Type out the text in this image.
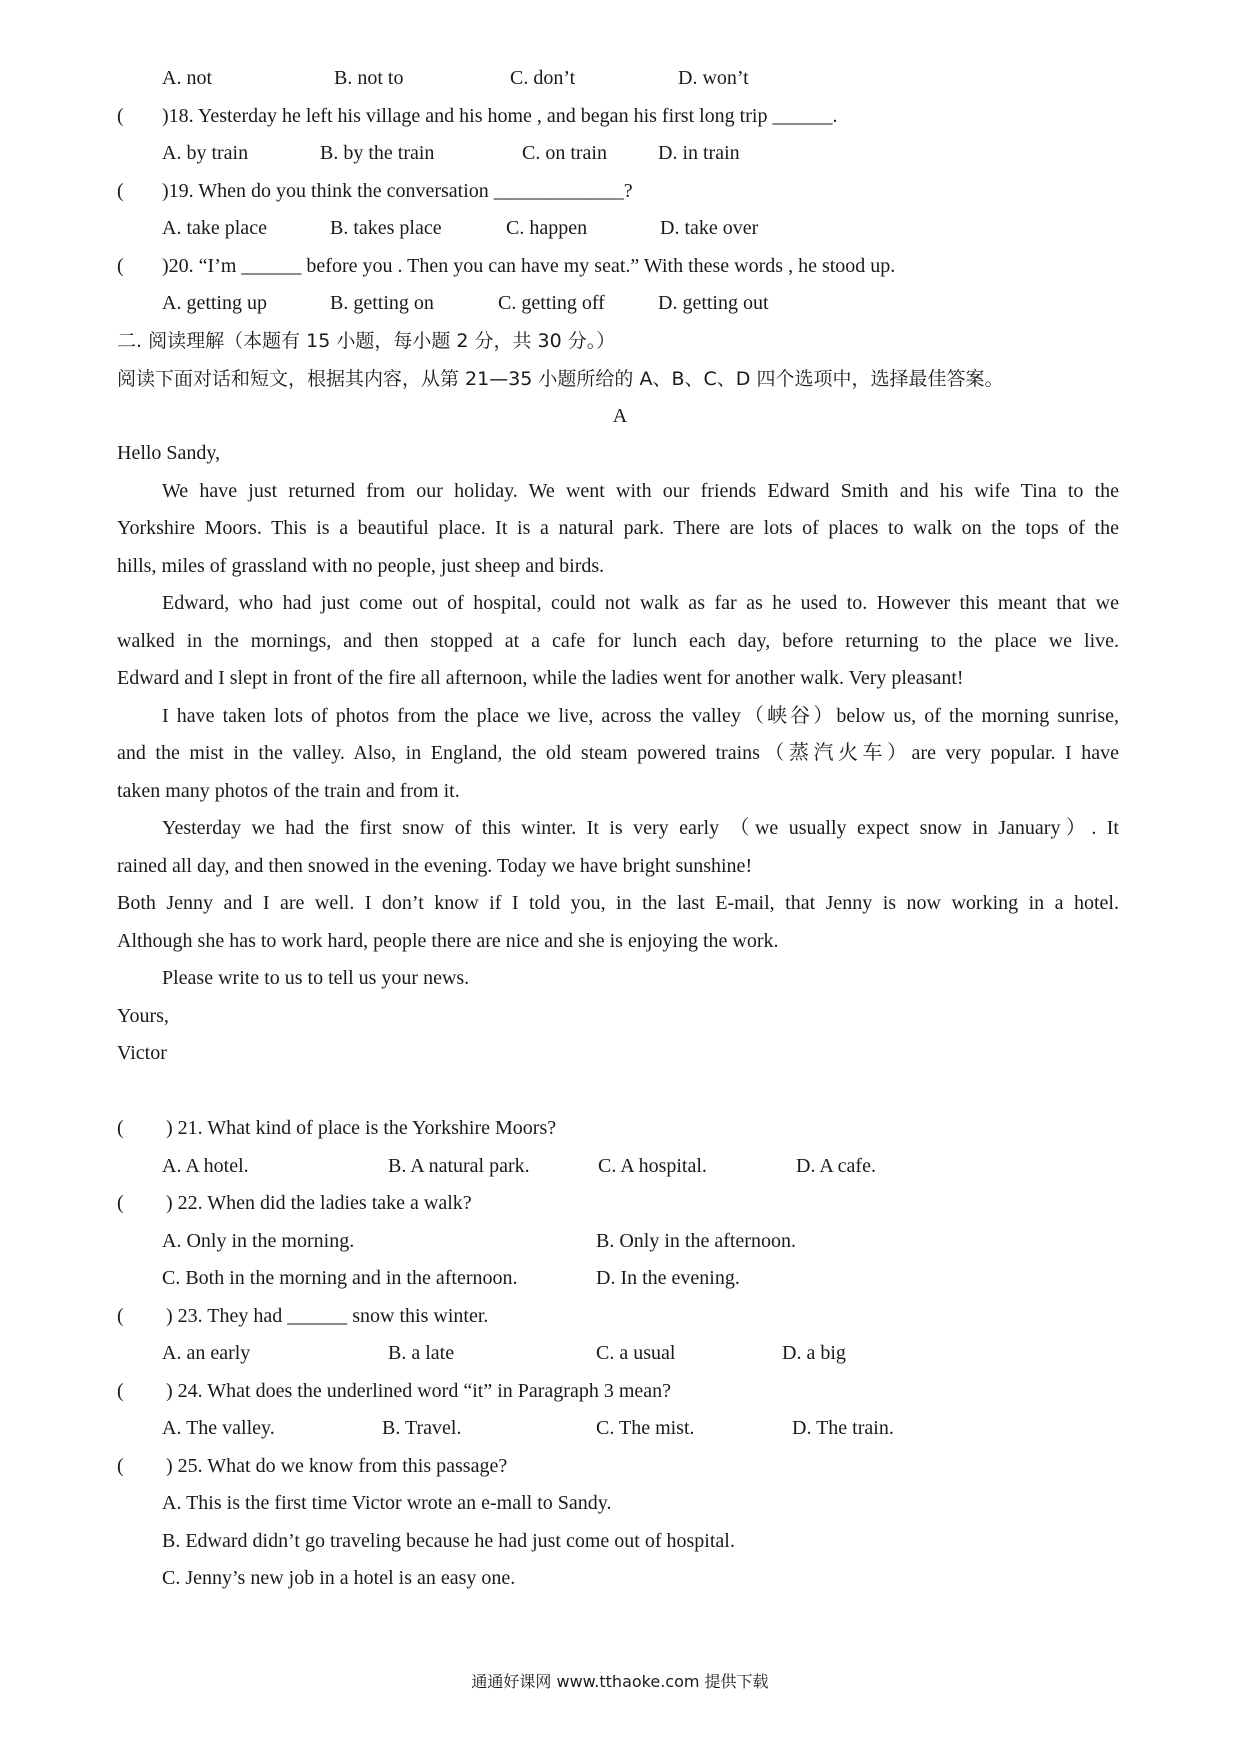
A. not	B. not to	C. don’t	D. won’t
( )18. Yesterday he left his village and his home , and began his first long trip ______.
A. by train	B. by the train	C. on train	D. in train
( )19. When do you think the conversation _____________?
A. take place	B. takes place	C. happen	D. take over
( )20. “I’m ______ before you . Then you can have my seat.” With these words , he stood up.
A. getting up	B. getting on	C. getting off	D. getting out
二. 阅读理解（本题有 15 小题，每小题 2 分，共 30 分。）
阅读下面对话和短文，根据其内容，从第 21—35 小题所给的 A、B、C、D 四个选项中，选择最佳答案。
A
Hello Sandy,
We have just returned from our holiday. We went with our friends Edward Smith and his wife Tina to the
Yorkshire Moors. This is a beautiful place. It is a natural park. There are lots of places to walk on the tops of the
hills, miles of grassland with no people, just sheep and birds.
Edward, who had just come out of hospital, could not walk as far as he used to. However this meant that we
walked in the mornings, and then stopped at a cafe for lunch each day, before returning to the place we live.
Edward and I slept in front of the fire all afternoon, while the ladies went for another walk. Very pleasant!
I have taken lots of photos from the place we live, across the valley（峡谷）below us, of the morning sunrise,
and the mist in the valley. Also, in England, the old steam powered trains（蒸汽火车）are very popular. I have
taken many photos of the train and from it.
Yesterday we had the first snow of this winter. It is very early （we usually expect snow in January）. It
rained all day, and then snowed in the evening. Today we have bright sunshine!
Both Jenny and I are well. I don’t know if I told you, in the last E-mail, that Jenny is now working in a hotel.
Although she has to work hard, people there are nice and she is enjoying the work.
Please write to us to tell us your news.
Yours,
Victor
( ) 21. What kind of place is the Yorkshire Moors?
A. A hotel.	B. A natural park.	C. A hospital.	D. A cafe.
( ) 22. When did the ladies take a walk?
A. Only in the morning.	B. Only in the afternoon.
C. Both in the morning and in the afternoon.	D. In the evening.
( ) 23. They had ______ snow this winter.
A. an early	B. a late	C. a usual	D. a big
( ) 24. What does the underlined word “it” in Paragraph 3 mean?
A. The valley.	B. Travel.	C. The mist.	D. The train.
( ) 25. What do we know from this passage?
A. This is the first time Victor wrote an e-mall to Sandy.
B. Edward didn’t go traveling because he had just come out of hospital.
C. Jenny’s new job in a hotel is an easy one.
通通好课网 www.tthaoke.com 提供下载
